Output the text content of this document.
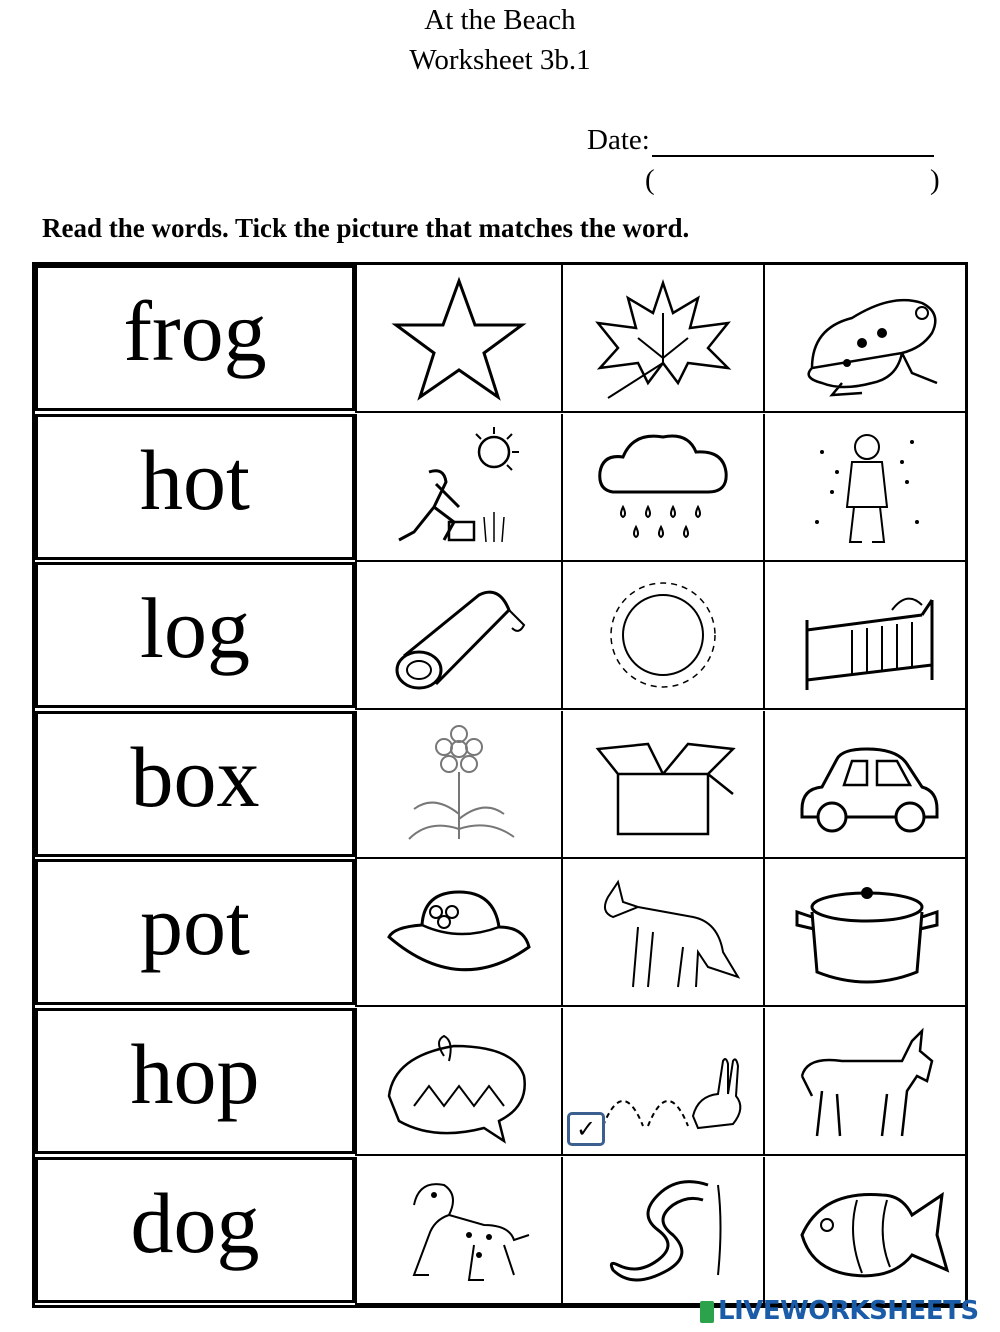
At the Beach
Worksheet 3b.1
Date:
(	)
Read the words. Tick the picture that matches the word.
frog
hot
log
box
pot
hop
✓
dog
LIVEWORKSHEETS
